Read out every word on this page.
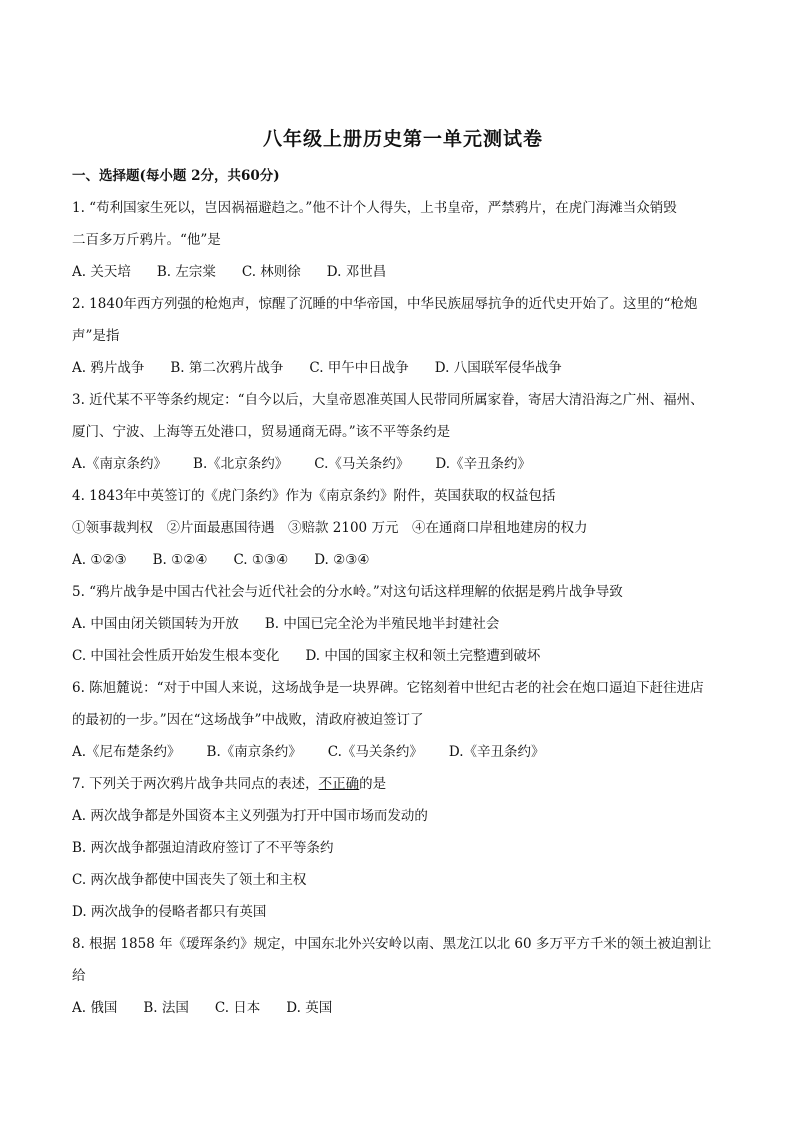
八年级上册历史第一单元测试卷
一、选择题(每小题 2分，共60分)
1. “苟利国家生死以，岂因祸福避趋之。”他不计个人得失，上书皇帝，严禁鸦片，在虎门海滩当众销毁
二百多万斤鸦片。“他”是
A. 关天培 B. 左宗棠 C. 林则徐 D. 邓世昌
2. 1840年西方列强的枪炮声，惊醒了沉睡的中华帝国，中华民族屈辱抗争的近代史开始了。这里的“枪炮
声”是指
A. 鸦片战争 B. 第二次鸦片战争 C. 甲午中日战争 D. 八国联军侵华战争
3. 近代某不平等条约规定：“自今以后，大皇帝恩准英国人民带同所属家眷，寄居大清沿海之广州、福州、
厦门、宁波、上海等五处港口，贸易通商无碍。”该不平等条约是
A.《南京条约》 B.《北京条约》 C.《马关条约》 D.《辛丑条约》
4. 1843年中英签订的《虎门条约》作为《南京条约》附件，英国获取的权益包括
①领事裁判权　②片面最惠国待遇　③赔款 2100 万元　④在通商口岸租地建房的权力
A. ①②③ B. ①②④ C. ①③④ D. ②③④
5. “鸦片战争是中国古代社会与近代社会的分水岭。”对这句话这样理解的依据是鸦片战争导致
A. 中国由闭关锁国转为开放 B. 中国已完全沦为半殖民地半封建社会
C. 中国社会性质开始发生根本变化 D. 中国的国家主权和领土完整遭到破坏
6. 陈旭麓说：“对于中国人来说，这场战争是一块界碑。它铭刻着中世纪古老的社会在炮口逼迫下赶往进店
的最初的一步。”因在“这场战争”中战败，清政府被迫签订了
A.《尼布楚条约》 B.《南京条约》 C.《马关条约》 D.《辛丑条约》
7. 下列关于两次鸦片战争共同点的表述，不正确的是
A. 两次战争都是外国资本主义列强为打开中国市场而发动的
B. 两次战争都强迫清政府签订了不平等条约
C. 两次战争都使中国丧失了领土和主权
D. 两次战争的侵略者都只有英国
8. 根据 1858 年《瑷珲条约》规定，中国东北外兴安岭以南、黑龙江以北 60 多万平方千米的领土被迫割让
给
A. 俄国 B. 法国 C. 日本 D. 英国
